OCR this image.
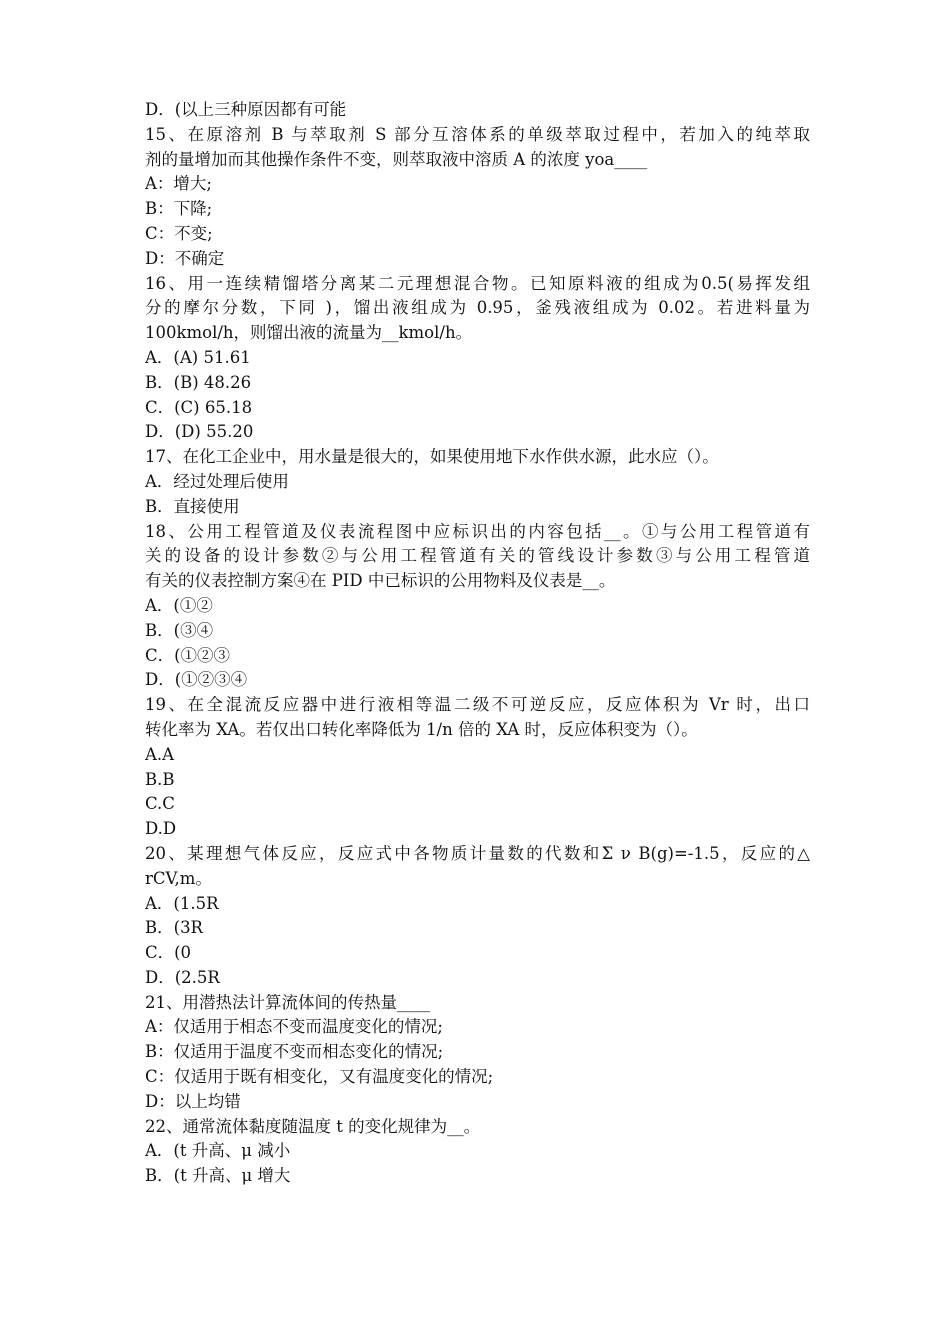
D．(以上三种原因都有可能
15、在原溶剂 B 与萃取剂 S 部分互溶体系的单级萃取过程中，若加入的纯萃取
剂的量增加而其他操作条件不变，则萃取液中溶质 A 的浓度 yoa____
A：增大;
B：下降;
C：不变;
D：不确定
16、用一连续精馏塔分离某二元理想混合物。已知原料液的组成为0.5(易挥发组
分的摩尔分数，下同 )，馏出液组成为 0.95，釜残液组成为 0.02。若进料量为
100kmol/h，则馏出液的流量为__kmol/h。
A．(A) 51.61
B．(B) 48.26
C．(C) 65.18
D．(D) 55.20
17、在化工企业中，用水量是很大的，如果使用地下水作供水源，此水应（）。
A．经过处理后使用
B．直接使用
18、公用工程管道及仪表流程图中应标识出的内容包括__。①与公用工程管道有
关的设备的设计参数②与公用工程管道有关的管线设计参数③与公用工程管道
有关的仪表控制方案④在 PID 中已标识的公用物料及仪表是__。
A．(①②
B．(③④
C．(①②③
D．(①②③④
19、在全混流反应器中进行液相等温二级不可逆反应，反应体积为 Vr 时，出口
转化率为 XA。若仅出口转化率降低为 1/n 倍的 XA 时，反应体积变为（）。
A.A
B.B
C.C
D.D
20、某理想气体反应，反应式中各物质计量数的代数和Σ ν B(g)=-1.5，反应的△
rCV,m。
A．(1.5R
B．(3R
C．(0
D．(2.5R
21、用潜热法计算流体间的传热量____
A：仅适用于相态不变而温度变化的情况;
B：仅适用于温度不变而相态变化的情况;
C：仅适用于既有相变化，又有温度变化的情况;
D：以上均错
22、通常流体黏度随温度 t 的变化规律为__。
A．(t 升高、μ 减小
B．(t 升高、μ 增大
